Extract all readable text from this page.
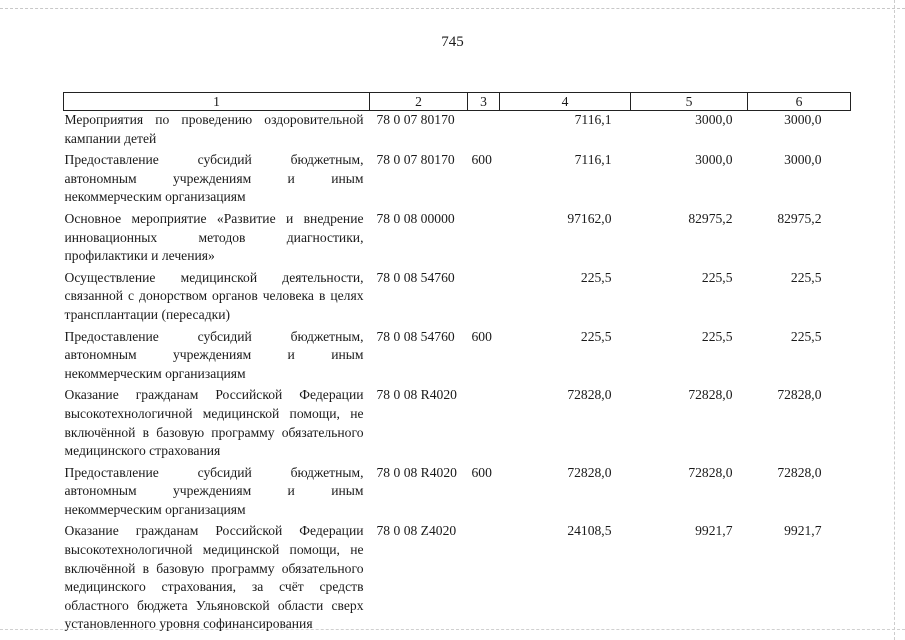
745
1	2	3	4	5	6
Мероприятия по проведению оздоровительной кампании детей	78 0 07 80170		7116,1	3000,0	3000,0
Предоставление субсидий бюджетным, автономным учреждениям и иным некоммерческим организациям	78 0 07 80170	600	7116,1	3000,0	3000,0
Основное мероприятие «Развитие и внедрение инновационных методов диагностики, профилактики и лечения»	78 0 08 00000		97162,0	82975,2	82975,2
Осуществление медицинской деятельности, связанной с донорством органов человека в целях трансплантации (пересадки)	78 0 08 54760		225,5	225,5	225,5
Предоставление субсидий бюджетным, автономным учреждениям и иным некоммерческим организациям	78 0 08 54760	600	225,5	225,5	225,5
Оказание гражданам Российской Федерации высокотехнологичной медицинской помощи, не включённой в базовую программу обязательного медицинского страхования	78 0 08 R4020		72828,0	72828,0	72828,0
Предоставление субсидий бюджетным, автономным учреждениям и иным некоммерческим организациям	78 0 08 R4020	600	72828,0	72828,0	72828,0
Оказание гражданам Российской Федерации высокотехнологичной медицинской помощи, не включённой в базовую программу обязательного медицинского страхования, за счёт средств областного бюджета Ульяновской области сверх установленного уровня софинансирования	78 0 08 Z4020		24108,5	9921,7	9921,7
